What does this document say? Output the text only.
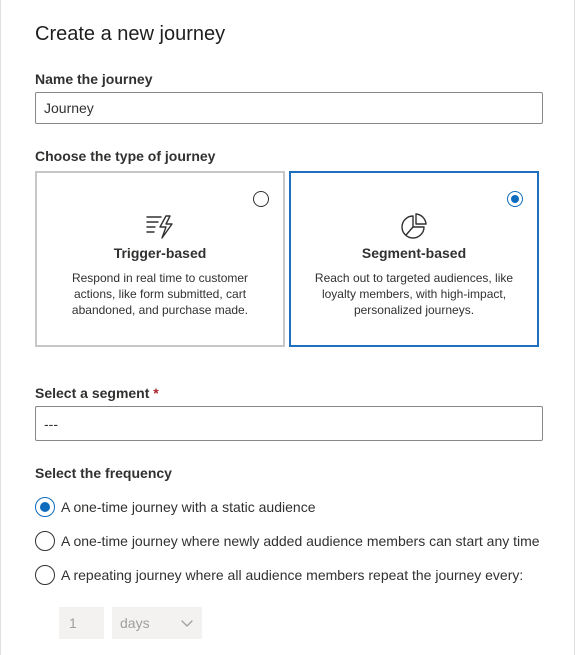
Create a new journey
Name the journey
Journey
Choose the type of journey
Trigger-based
Respond in real time to customer actions, like form submitted, cart abandoned, and purchase made.
Segment-based
Reach out to targeted audiences, like loyalty members, with high-impact, personalized journeys.
Select a segment *
---
Select the frequency
A one-time journey with a static audience
A one-time journey where newly added audience members can start any time
A repeating journey where all audience members repeat the journey every:
1
days
